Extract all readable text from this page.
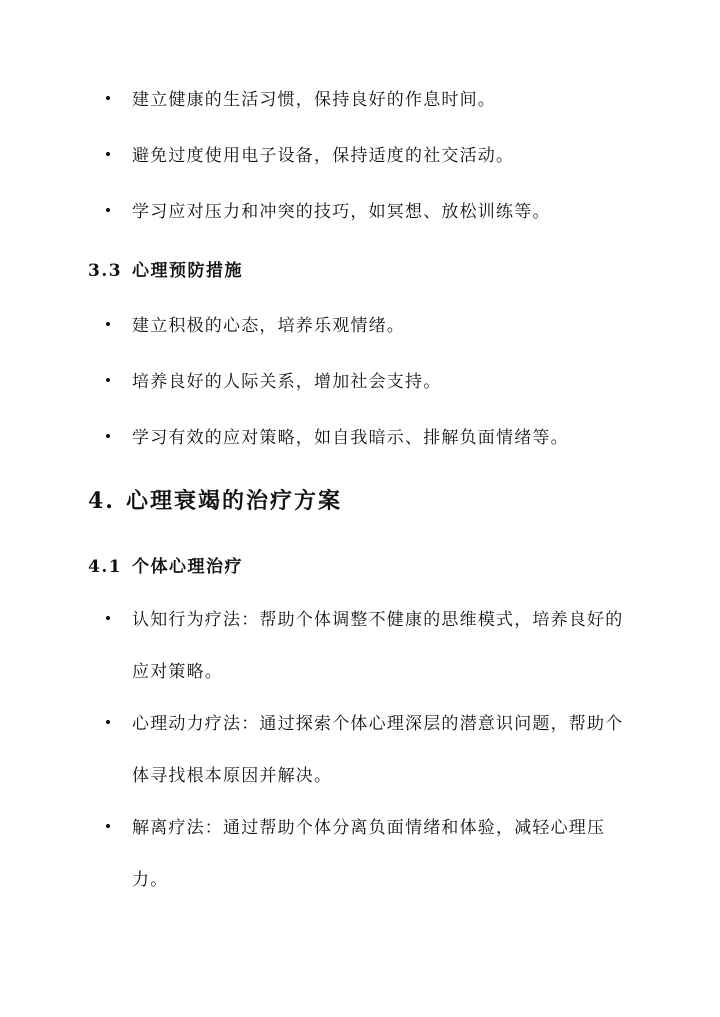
建立健康的生活习惯，保持良好的作息时间。
避免过度使用电子设备，保持适度的社交活动。
学习应对压力和冲突的技巧，如冥想、放松训练等。
3.3 心理预防措施
建立积极的心态，培养乐观情绪。
培养良好的人际关系，增加社会支持。
学习有效的应对策略，如自我暗示、排解负面情绪等。
4. 心理衰竭的治疗方案
4.1 个体心理治疗
认知行为疗法：帮助个体调整不健康的思维模式，培养良好的应对策略。
心理动力疗法：通过探索个体心理深层的潜意识问题，帮助个体寻找根本原因并解决。
解离疗法：通过帮助个体分离负面情绪和体验，减轻心理压力。
